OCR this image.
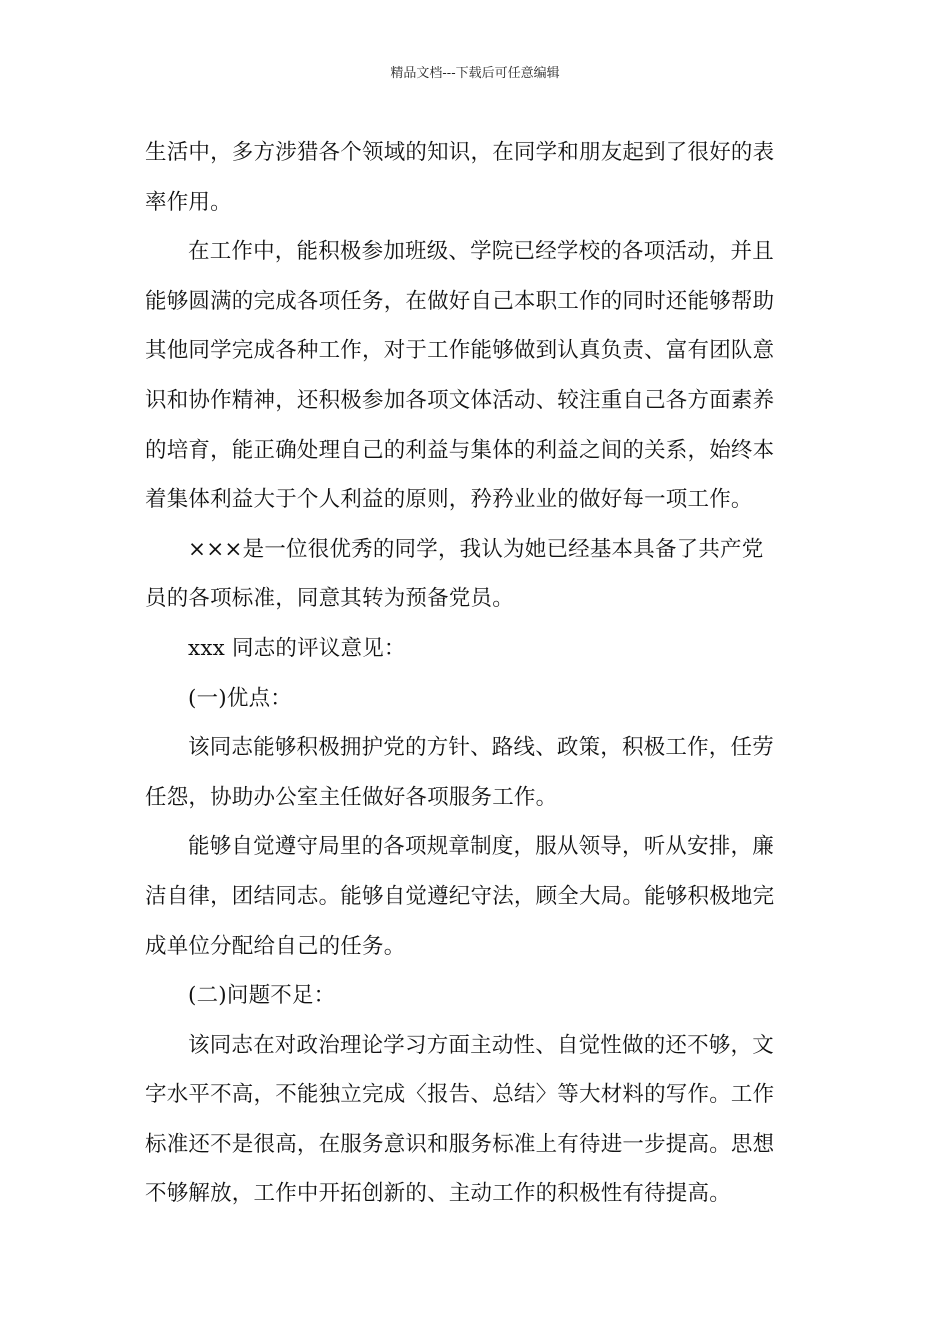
精品文档---下载后可任意编辑
生活中，多方涉猎各个领域的知识，在同学和朋友起到了很好的表
率作用。
在工作中，能积极参加班级、学院已经学校的各项活动，并且
能够圆满的完成各项任务，在做好自己本职工作的同时还能够帮助
其他同学完成各种工作，对于工作能够做到认真负责、富有团队意
识和协作精神，还积极参加各项文体活动、较注重自己各方面素养
的培育，能正确处理自己的利益与集体的利益之间的关系，始终本
着集体利益大于个人利益的原则，矜矜业业的做好每一项工作。
×××是一位很优秀的同学，我认为她已经基本具备了共产党
员的各项标准，同意其转为预备党员。
xxx 同志的评议意见：
(一)优点：
该同志能够积极拥护党的方针、路线、政策，积极工作，任劳
任怨，协助办公室主任做好各项服务工作。
能够自觉遵守局里的各项规章制度，服从领导，听从安排，廉
洁自律，团结同志。能够自觉遵纪守法，顾全大局。能够积极地完
成单位分配给自己的任务。
(二)问题不足：
该同志在对政治理论学习方面主动性、自觉性做的还不够，文
字水平不高，不能独立完成〈报告、总结〉等大材料的写作。工作
标准还不是很高，在服务意识和服务标准上有待进一步提高。思想
不够解放，工作中开拓创新的、主动工作的积极性有待提高。
